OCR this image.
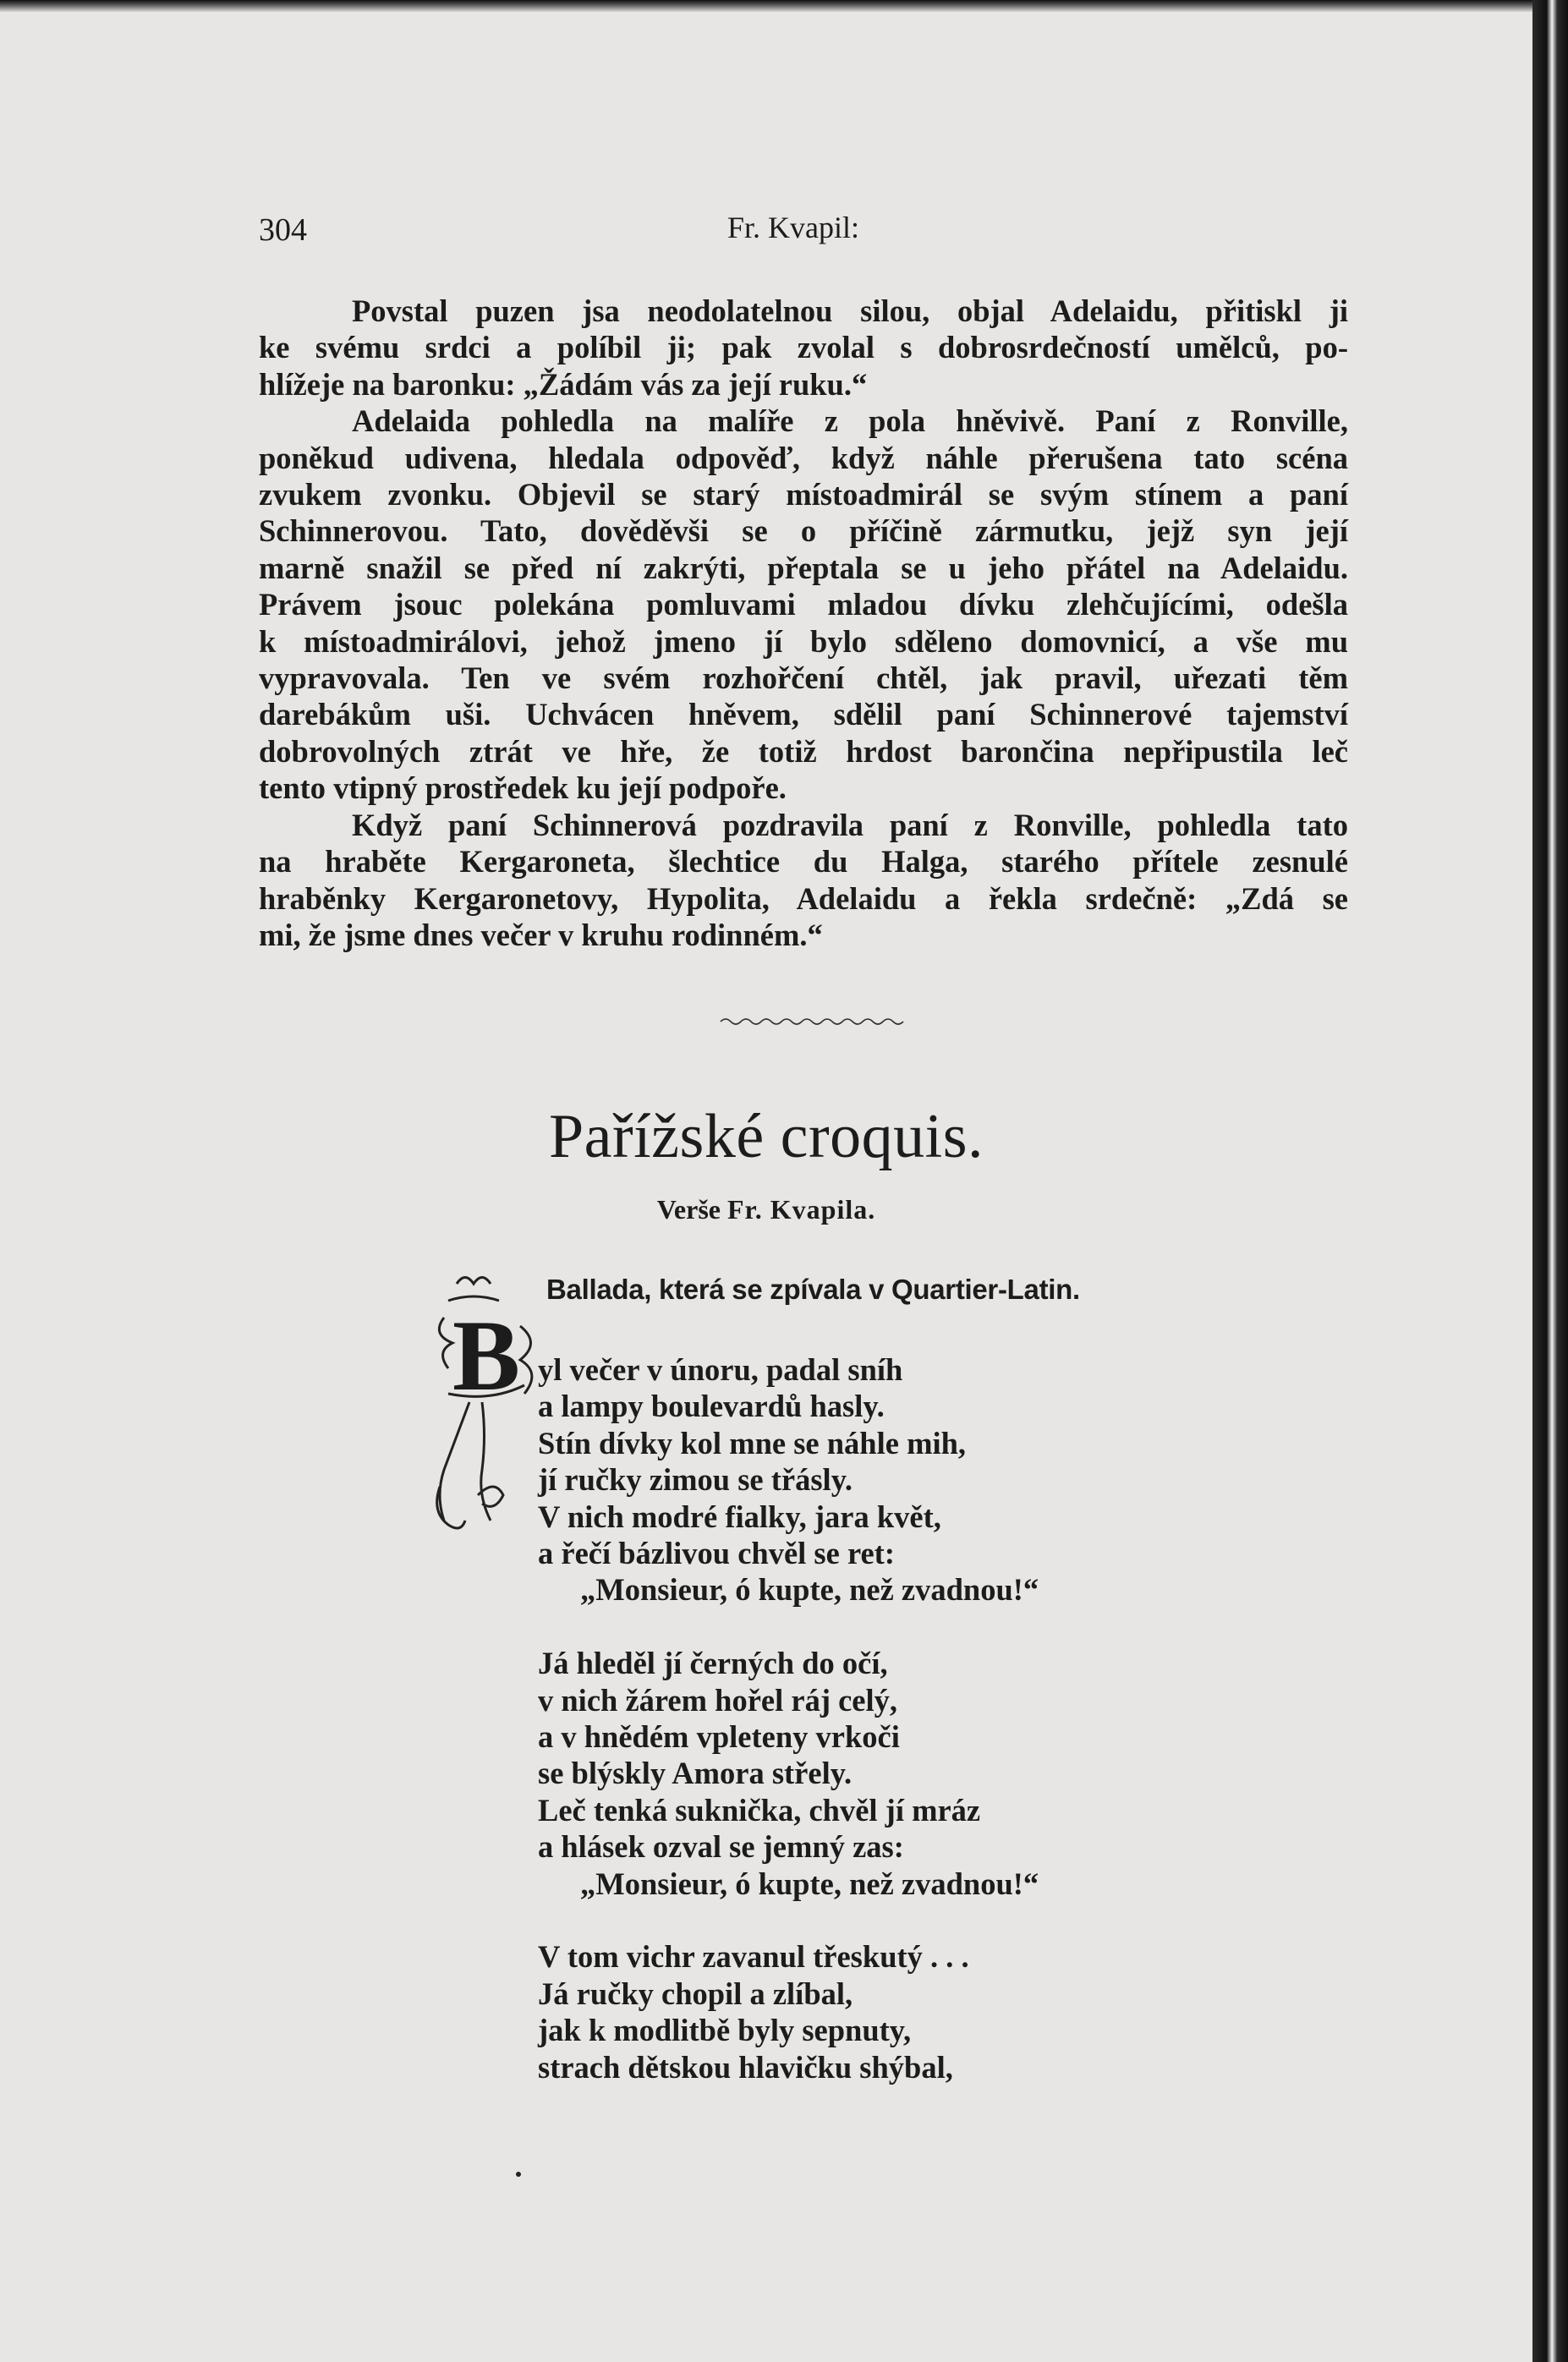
304	Fr. Kvapil:

Povstal puzen jsa neodolatelnou silou, objal Adelaidu, přitiskl ji
ke svému srdci a políbil ji; pak zvolal s dobrosrdečností umělců, po-
hlížeje na baronku: „Žádám vás za její ruku.“

Adelaida pohledla na malíře z pola hněvivě. Paní z Ronville,
poněkud udivena, hledala odpověď, když náhle přerušena tato scéna
zvukem zvonku. Objevil se starý místoadmirál se svým stínem a paní
Schinnerovou. Tato, dověděvši se o příčině zármutku, jejž syn její
marně snažil se před ní zakrýti, přeptala se u jeho přátel na Adelaidu.
Právem jsouc polekána pomluvami mladou dívku zlehčujícími, odešla
k místoadmirálovi, jehož jmeno jí bylo sděleno domovnicí, a vše mu
vypravovala. Ten ve svém rozhořčení chtěl, jak pravil, uřezati těm
darebákům uši. Uchvácen hněvem, sdělil paní Schinnerové tajemství
dobrovolných ztrát ve hře, že totiž hrdost barončina nepřipustila leč
tento vtipný prostředek ku její podpoře.

Když paní Schinnerová pozdravila paní z Ronville, pohledla tato
na hraběte Kergaroneta, šlechtice du Halga, starého přítele zesnulé
hraběnky Kergaronetovy, Hypolita, Adelaidu a řekla srdečně: „Zdá se
mi, že jsme dnes večer v kruhu rodinném.“

Pařížské croquis.
Verše Fr. Kvapila.
Ballada, která se zpívala v Quartier-Latin.
B yl večer v únoru, padal sníh
a lampy boulevardů hasly.
Stín dívky kol mne se náhle mih,
jí ručky zimou se třásly.
V nich modré fialky, jara květ,
a řečí bázlivou chvěl se ret:
„Monsieur, ó kupte, než zvadnou!“
Já hleděl jí černých do očí,
v nich žárem hořel ráj celý,
a v hnědém vpleteny vrkoči
se blýskly Amora střely.
Leč tenká suknička, chvěl jí mráz
a hlásek ozval se jemný zas:
„Monsieur, ó kupte, než zvadnou!“
V tom vichr zavanul třeskutý . . .
Já ručky chopil a zlíbal,
jak k modlitbě byly sepnuty,
strach dětskou hlavičku shýbal,
